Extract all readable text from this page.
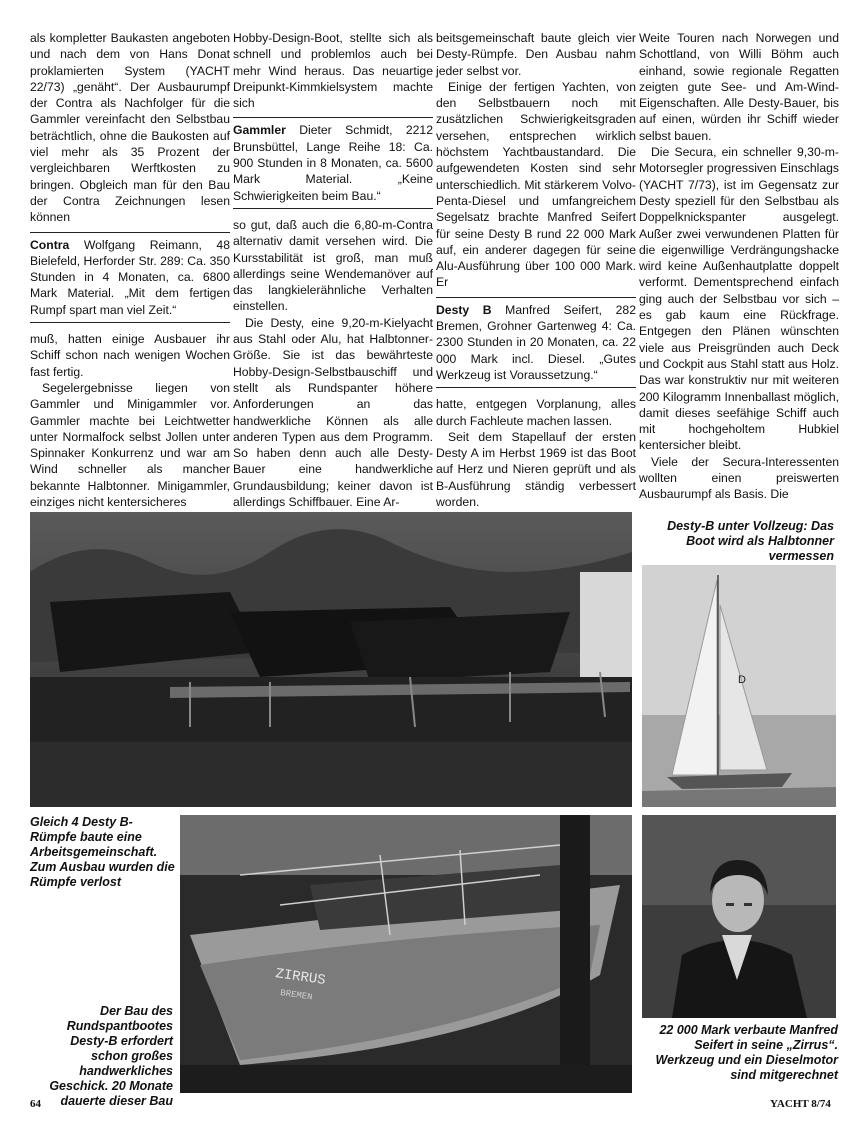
als kompletter Baukasten angeboten und nach dem von Hans Donat proklamierten System (YACHT 22/73) „genäht“. Der Ausbaurumpf der Contra als Nachfolger für die Gammler vereinfacht den Selbstbau beträchtlich, ohne die Baukosten auf viel mehr als 35 Prozent der vergleichbaren Werftkosten zu bringen. Obgleich man für den Bau der Contra Zeichnungen lesen können

Contra Wolfgang Reimann, 48 Bielefeld, Herforder Str. 289: Ca. 350 Stunden in 4 Monaten, ca. 6800 Mark Material. „Mit dem fertigen Rumpf spart man viel Zeit.“

muß, hatten einige Ausbauer ihr Schiff schon nach wenigen Wochen fast fertig.

Segelergebnisse liegen von Gammler und Minigammler vor. Gammler machte bei Leichtwetter unter Normalfock selbst Jollen unter Spinnaker Konkurrenz und war am Wind schneller als mancher bekannte Halbtonner. Minigammler, einziges nicht kentersicheres

Hobby-Design-Boot, stellte sich als schnell und problemlos auch bei mehr Wind heraus. Das neuartige Dreipunkt-Kimmkielsystem machte sich

Gammler Dieter Schmidt, 2212 Brunsbüttel, Lange Reihe 18: Ca. 900 Stunden in 8 Monaten, ca. 5600 Mark Material. „Keine Schwierigkeiten beim Bau.“

so gut, daß auch die 6,80-m-Contra alternativ damit versehen wird. Die Kursstabilität ist groß, man muß allerdings seine Wendemanöver auf das langkielerähnliche Verhalten einstellen.

Die Desty, eine 9,20-m-Kielyacht aus Stahl oder Alu, hat Halbtonner-Größe. Sie ist das bewährteste Hobby-Design-Selbstbauschiff und stellt als Rundspanter höhere Anforderungen an das handwerkliche Können als alle anderen Typen aus dem Programm. So haben denn auch alle Desty-Bauer eine handwerkliche Grundausbildung; keiner davon ist allerdings Schiffbauer. Eine Ar-

beitsgemeinschaft baute gleich vier Desty-Rümpfe. Den Ausbau nahm jeder selbst vor.

Einige der fertigen Yachten, von den Selbstbauern noch mit zusätzlichen Schwierigkeitsgraden versehen, entsprechen wirklich höchstem Yachtbaustandard. Die aufgewendeten Kosten sind sehr unterschiedlich. Mit stärkerem Volvo-Penta-Diesel und umfangreichem Segelsatz brachte Manfred Seifert für seine Desty B rund 22 000 Mark auf, ein anderer dagegen für seine Alu-Ausführung über 100 000 Mark. Er

Desty B Manfred Seifert, 282 Bremen, Grohner Gartenweg 4: Ca. 2300 Stunden in 20 Monaten, ca. 22 000 Mark incl. Diesel. „Gutes Werkzeug ist Voraussetzung.“

hatte, entgegen Vorplanung, alles durch Fachleute machen lassen.

Seit dem Stapellauf der ersten Desty A im Herbst 1969 ist das Boot auf Herz und Nieren geprüft und als B-Ausführung ständig verbessert worden.

Weite Touren nach Norwegen und Schottland, von Willi Böhm auch einhand, sowie regionale Regatten zeigten gute See- und Am-Wind-Eigenschaften. Alle Desty-Bauer, bis auf einen, würden ihr Schiff wieder selbst bauen.

Die Secura, ein schneller 9,30-m-Motorsegler progressiven Einschlags (YACHT 7/73), ist im Gegensatz zur Desty speziell für den Selbstbau als Doppelknickspanter ausgelegt. Außer zwei verwundenen Platten für die eigenwillige Verdrängungshacke wird keine Außenhautplatte doppelt verformt. Dementsprechend einfach ging auch der Selbstbau vor sich – es gab kaum eine Rückfrage. Entgegen den Plänen wünschten viele aus Preisgründen auch Deck und Cockpit aus Stahl statt aus Holz. Das war konstruktiv nur mit weiteren 200 Kilogramm Innenballast möglich, damit dieses seefähige Schiff auch mit hochgeholtem Hubkiel kentersicher bleibt.

Viele der Secura-Interessenten wollten einen preiswerten Ausbaurumpf als Basis. Die

D
ZIRRUS
BREMEN
Desty-B unter Vollzeug: Das Boot wird als Halbtonner vermessen
Gleich 4 Desty B-Rümpfe baute eine Arbeitsgemeinschaft. Zum Ausbau wurden die Rümpfe verlost
Der Bau des Rundspantbootes Desty-B erfordert schon großes handwerkliches Geschick. 20 Monate dauerte dieser Bau
22 000 Mark verbaute Manfred Seifert in seine „Zirrus“. Werkzeug und ein Dieselmotor sind mitgerechnet
64	YACHT 8/74
